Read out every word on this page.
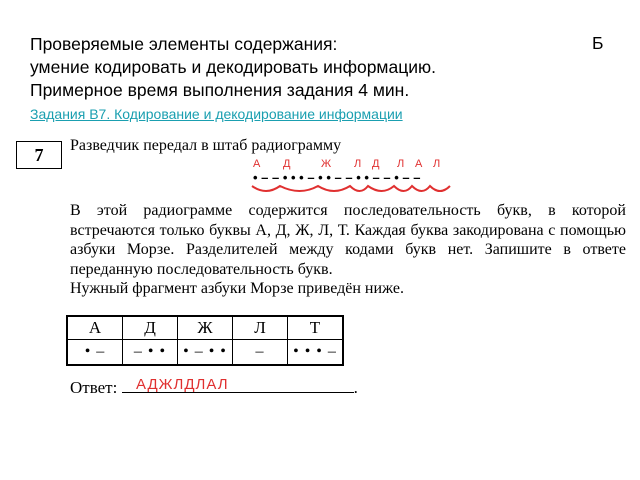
Проверяемые элементы содержания:	Б
умение кодировать и декодировать информацию.
Примерное время выполнения задания 4 мин.
Задания В7. Кодирование и декодирование информации
7	Разведчик передал в штаб радиограмму
А Д	Ж Л Д Л А Л
• – – • • • – • • – – • • – – • – –

В этой радиограмме содержится последовательность букв, в которой встречаются только буквы А, Д, Ж, Л, Т. Каждая буква закодирована с помощью азбуки Морзе. Разделителей между кодами букв нет. Запишите в ответе переданную последовательность букв.

Нужный фрагмент азбуки Морзе приведён ниже.

А	Д	Ж	Л	Т
• –	– • •	• – • •	–	• • • –
Ответ:	.
АДЖЛДЛАЛ
